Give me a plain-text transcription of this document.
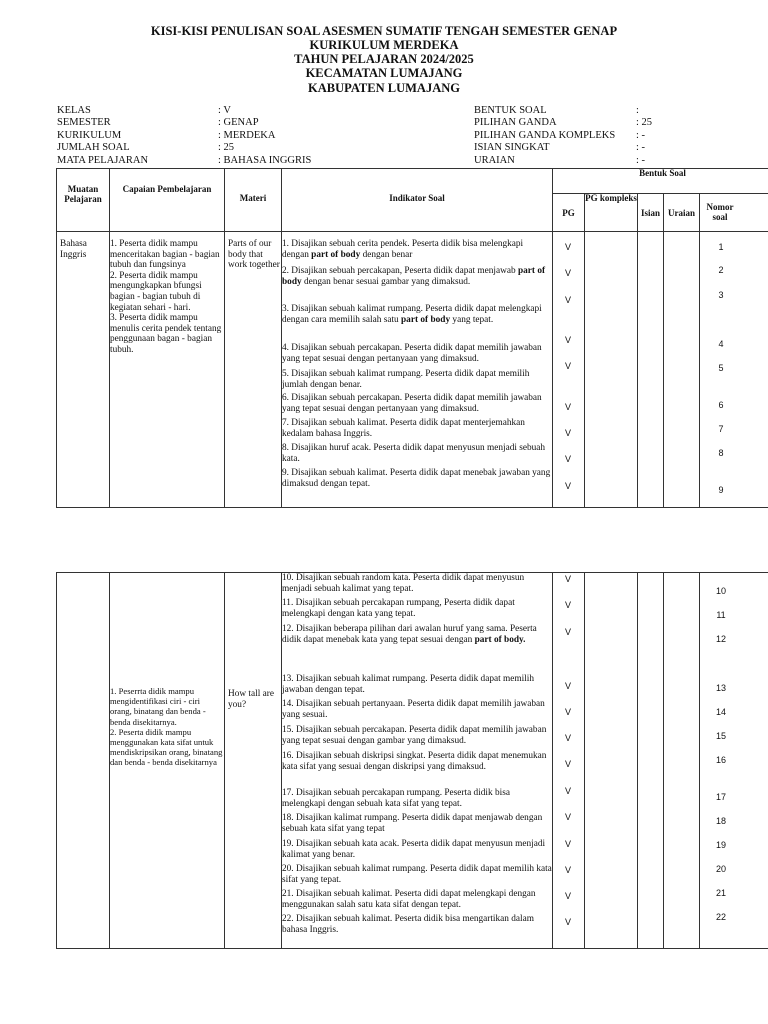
KISI-KISI PENULISAN SOAL ASESMEN SUMATIF TENGAH SEMESTER GENAP
KURIKULUM MERDEKA
TAHUN PELAJARAN 2024/2025
KECAMATAN LUMAJANG
KABUPATEN LUMAJANG
KELAS
SEMESTER
KURIKULUM
JUMLAH SOAL
MATA PELAJARAN
: V
: GENAP
: MERDEKA
: 25
: BAHASA INGGRIS
BENTUK SOAL
PILIHAN GANDA
PILIHAN GANDA KOMPLEKS
ISIAN SINGKAT
URAIAN
:
: 25
: -
: -
: -
Muatan Pelajaran
Capaian Pembelajaran
Materi	Indikator Soal
Bentuk Soal
PG
PG kompleks
Isian Uraian
Nomor soal
Bahasa Inggris
1. Peserta didik mampu menceritakan bagian - bagian tubuh dan fungsinya
2. Peserta didik mampu mengungkapkan bfungsi bagian - bagian tubuh di kegiatan sehari - hari.
3. Peserta didik mampu menulis cerita pendek tentang penggunaan bagan - bagian tubuh.
Parts of our body that work together
1. Disajikan sebuah cerita pendek. Peserta didik bisa melengkapi dengan part of body dengan benar
2. Disajikan sebuah percakapan, Peserta didik dapat menjawab part of body dengan benar sesuai gambar yang dimaksud.
3. Disajikan sebuah kalimat rumpang. Peserta didik dapat melengkapi dengan cara memilih salah satu part of body yang tepat.
4. Disajikan sebuah percakapan. Peserta didik dapat memilih jawaban yang tepat sesuai dengan pertanyaan yang dimaksud.
5. Disajikan sebuah kalimat rumpang. Peserta didik dapat memilih jumlah dengan benar.
6. Disajikan sebuah percakapan. Peserta didik dapat memilih jawaban yang tepat sesuai dengan pertanyaan yang dimaksud.
7. Disajikan sebuah kalimat. Peserta didik dapat menterjemahkan kedalam bahasa Inggris.
8. Disajikan huruf acak. Peserta didik dapat menyusun menjadi sebuah kata.
9. Disajikan sebuah kalimat. Peserta didik dapat menebak jawaban yang dimaksud dengan tepat.
V
V
V
V
V
V
V
V
V
1
2
3
4
5
6
7
8
9
1. Peserrta didik mampu mengidentifikasi ciri - ciri orang, binatang dan benda - benda disekitarnya.
2. Peserta didik mampu menggunakan kata sifat untuk mendiskripsikan orang, binatang dan benda - benda disekitarnya
How tall are you?
10. Disajikan sebuah random kata. Peserta didik dapat menyusun menjadi sebuah kalimat yang tepat.
11. Disajikan sebuah percakapan rumpang, Peserta didik dapat melengkapi dengan kata yang tepat.
12. Disajikan beberapa pilihan dari awalan huruf yang sama. Peserta didik dapat menebak kata yang tepat sesuai dengan part of body.
13. Disajikan sebuah kalimat rumpang. Peserta didik dapat memilih jawaban dengan tepat.
14. Disajikan sebuah pertanyaan. Peserta didik dapat memilih jawaban yang sesuai.
15. Disajikan sebuah percakapan. Peserta didik dapat memilih jawaban yang tepat sesuai dengan gambar yang dimaksud.
16. Disajikan sebuah diskripsi singkat. Peserta didik dapat menemukan kata sifat yang sesuai dengan diskripsi yang dimaksud.
17. Disajikan sebuah percakapan rumpang. Peserta didik bisa melengkapi dengan sebuah kata sifat yang tepat.
18. Disajikan kalimat rumpang. Peserta didik dapat menjawab dengan sebuah kata sifat yang tepat
19. Disajikan sebuah kata acak. Peserta didik dapat menyusun menjadi kalimat yang benar.
20. Disajikan sebuah kalimat rumpang. Peserta didik dapat memilih kata sifat yang tepat.
21. Disajikan sebuah kalimat. Peserta didi dapat melengkapi dengan menggunakan salah satu kata sifat dengan tepat.
22. Disajikan sebuah kalimat. Peserta didik bisa mengartikan dalam bahasa Inggris.
V
V
V
V
V
V
V
V
V
V
V
V
V
10
11
12
13
14
15
16
17
18
19
20
21
22
